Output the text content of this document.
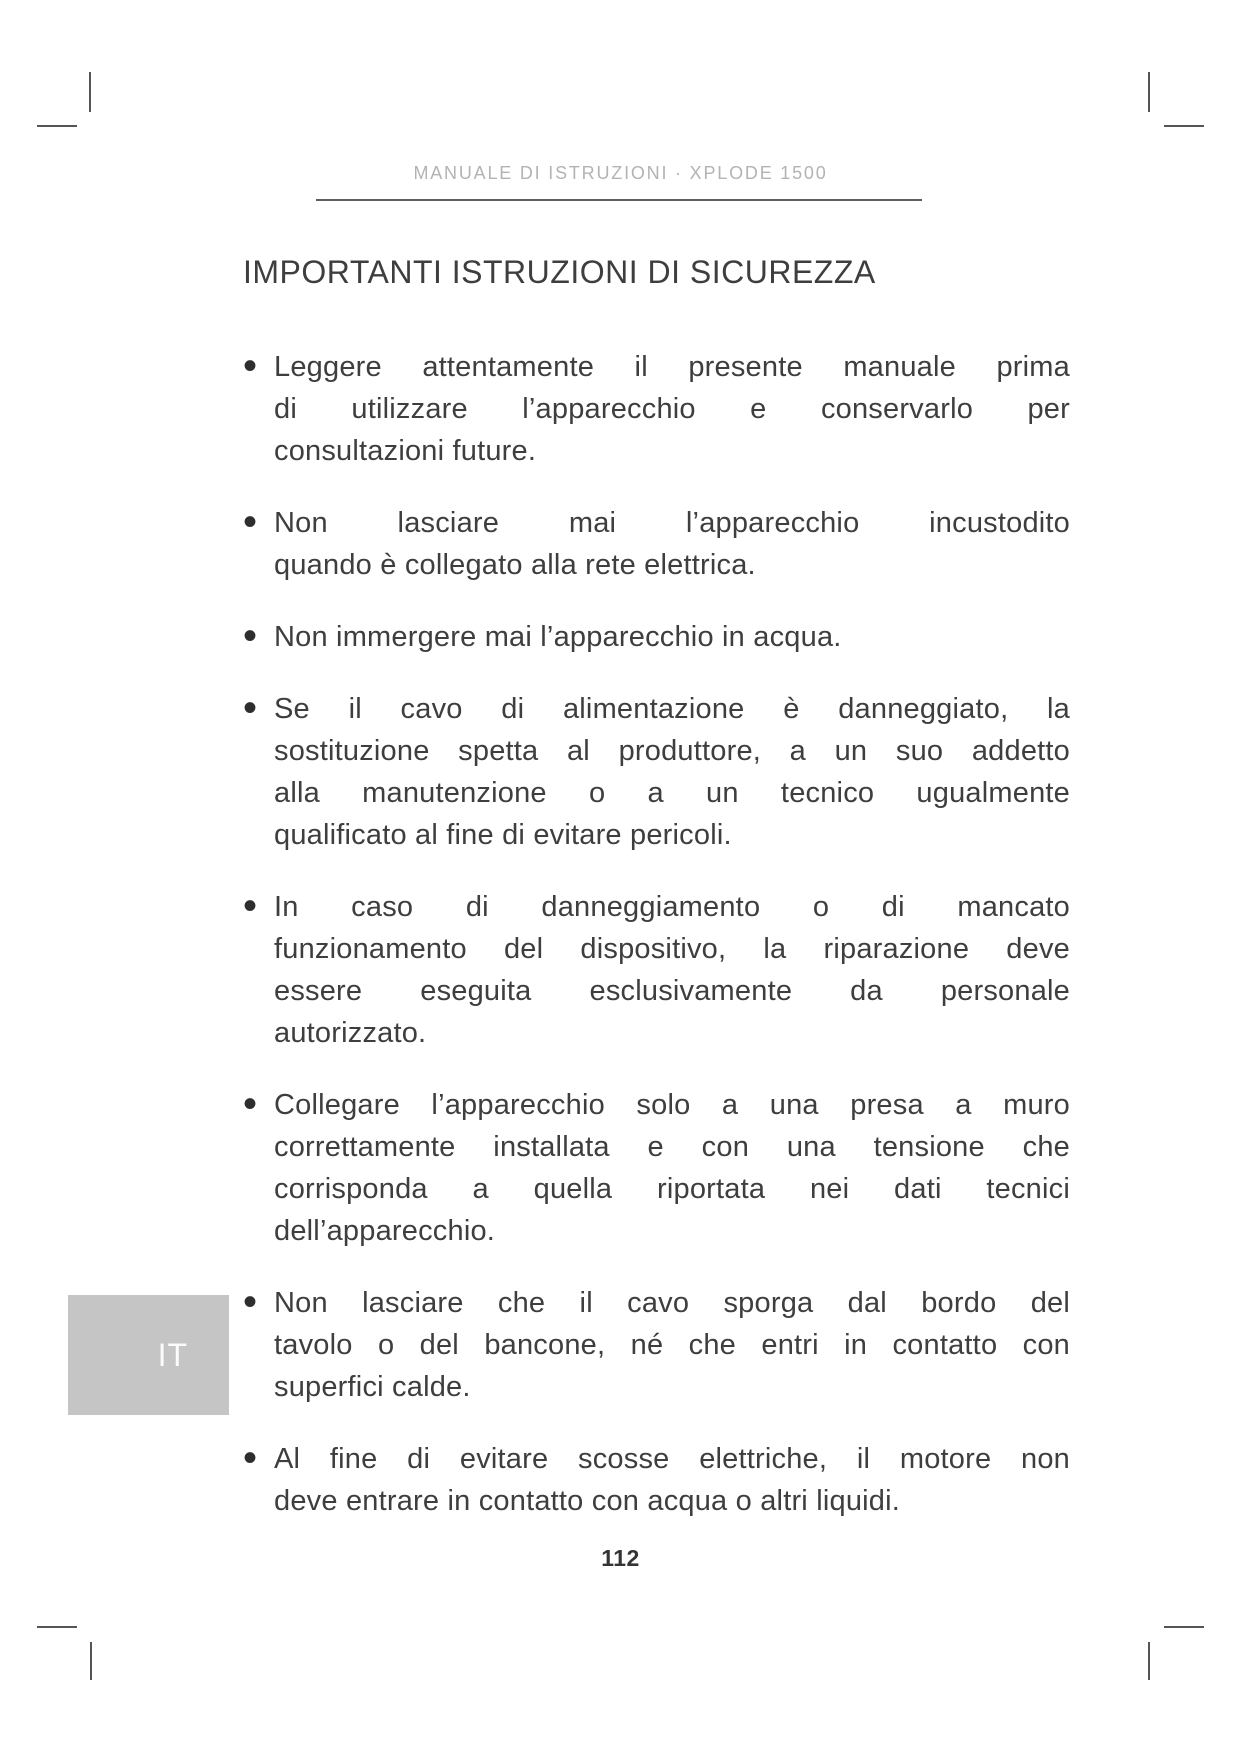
MANUALE DI ISTRUZIONI · XPLODE 1500
IMPORTANTI ISTRUZIONI DI SICUREZZA
• Leggere attentamente il presente manuale prima
di utilizzare l’apparecchio e conservarlo per
consultazioni future.
• Non lasciare mai l’apparecchio incustodito
quando è collegato alla rete elettrica.
• Non immergere mai l’apparecchio in acqua.
• Se il cavo di alimentazione è danneggiato, la
sostituzione spetta al produttore, a un suo addetto
alla manutenzione o a un tecnico ugualmente
qualificato al fine di evitare pericoli.
• In caso di danneggiamento o di mancato
funzionamento del dispositivo, la riparazione deve
essere eseguita esclusivamente da personale
autorizzato.
• Collegare l’apparecchio solo a una presa a muro
correttamente installata e con una tensione che
corrisponda a quella riportata nei dati tecnici
dell’apparecchio.
• Non lasciare che il cavo sporga dal bordo del
tavolo o del bancone, né che entri in contatto con
superfici calde.
• Al fine di evitare scosse elettriche, il motore non
deve entrare in contatto con acqua o altri liquidi.
IT
112
